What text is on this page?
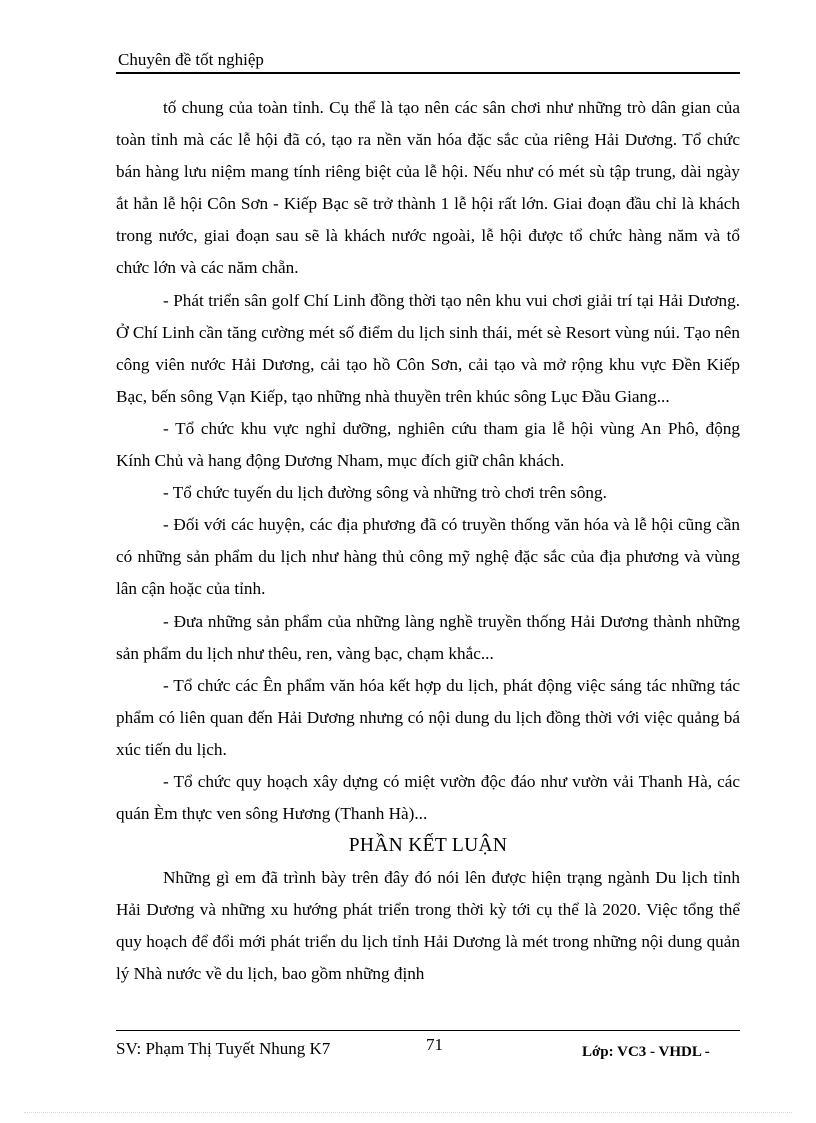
Chuyên đề tốt nghiệp

tố chung của toàn tỉnh. Cụ thể là tạo nên các sân chơi như những trò dân gian của toàn tỉnh mà các lễ hội đã có, tạo ra nền văn hóa đặc sắc của riêng Hải Dương. Tổ chức bán hàng lưu niệm mang tính riêng biệt của lễ hội. Nếu như có mét sù tập trung, dài ngày ắt hẳn lễ hội Côn Sơn - Kiếp Bạc sẽ trở thành 1 lễ hội rất lớn. Giai đoạn đầu chỉ là khách trong nước, giai đoạn sau sẽ là khách nước ngoài, lễ hội được tổ chức hàng năm và tổ chức lớn và các năm chẵn.

- Phát triển sân golf Chí Linh đồng thời tạo nên khu vui chơi giải trí tại Hải Dương. Ở Chí Linh cần tăng cường mét số điểm du lịch sinh thái, mét sè Resort vùng núi. Tạo nên công viên nước Hải Dương, cải tạo hồ Côn Sơn, cải tạo và mở rộng khu vực Đền Kiếp Bạc, bến sông Vạn Kiếp, tạo những nhà thuyền trên khúc sông Lục Đầu Giang...

- Tổ chức khu vực nghỉ dưỡng, nghiên cứu tham gia lễ hội vùng An Phô, động Kính Chủ và hang động Dương Nham, mục đích giữ chân khách.

- Tổ chức tuyến du lịch đường sông và những trò chơi trên sông.

- Đối với các huyện, các địa phương đã có truyền thống văn hóa và lễ hội cũng cần có những sản phẩm du lịch như hàng thủ công mỹ nghệ đặc sắc của địa phương và vùng lân cận hoặc của tỉnh.

- Đưa những sản phẩm của những làng nghề truyền thống Hải Dương thành những sản phẩm du lịch như thêu, ren, vàng bạc, chạm khắc...

- Tổ chức các Ên phẩm văn hóa kết hợp du lịch, phát động việc sáng tác những tác phẩm có liên quan đến Hải Dương nhưng có nội dung du lịch đồng thời với việc quảng bá xúc tiến du lịch.

- Tổ chức quy hoạch xây dựng có miệt vườn độc đáo như vườn vải Thanh Hà, các quán Èm thực ven sông Hương (Thanh Hà)...

PHẦN KẾT LUẬN

Những gì em đã trình bày trên đây đó nói lên được hiện trạng ngành Du lịch tỉnh Hải Dương và những xu hướng phát triển trong thời kỳ tới cụ thể là 2020. Việc tổng thể quy hoạch để đổi mới phát triển du lịch tỉnh Hải Dương là mét trong những nội dung quản lý Nhà nước về du lịch, bao gồm những định

SV: Phạm Thị Tuyết Nhung K7	71	Lớp: VC3 - VHDL -
